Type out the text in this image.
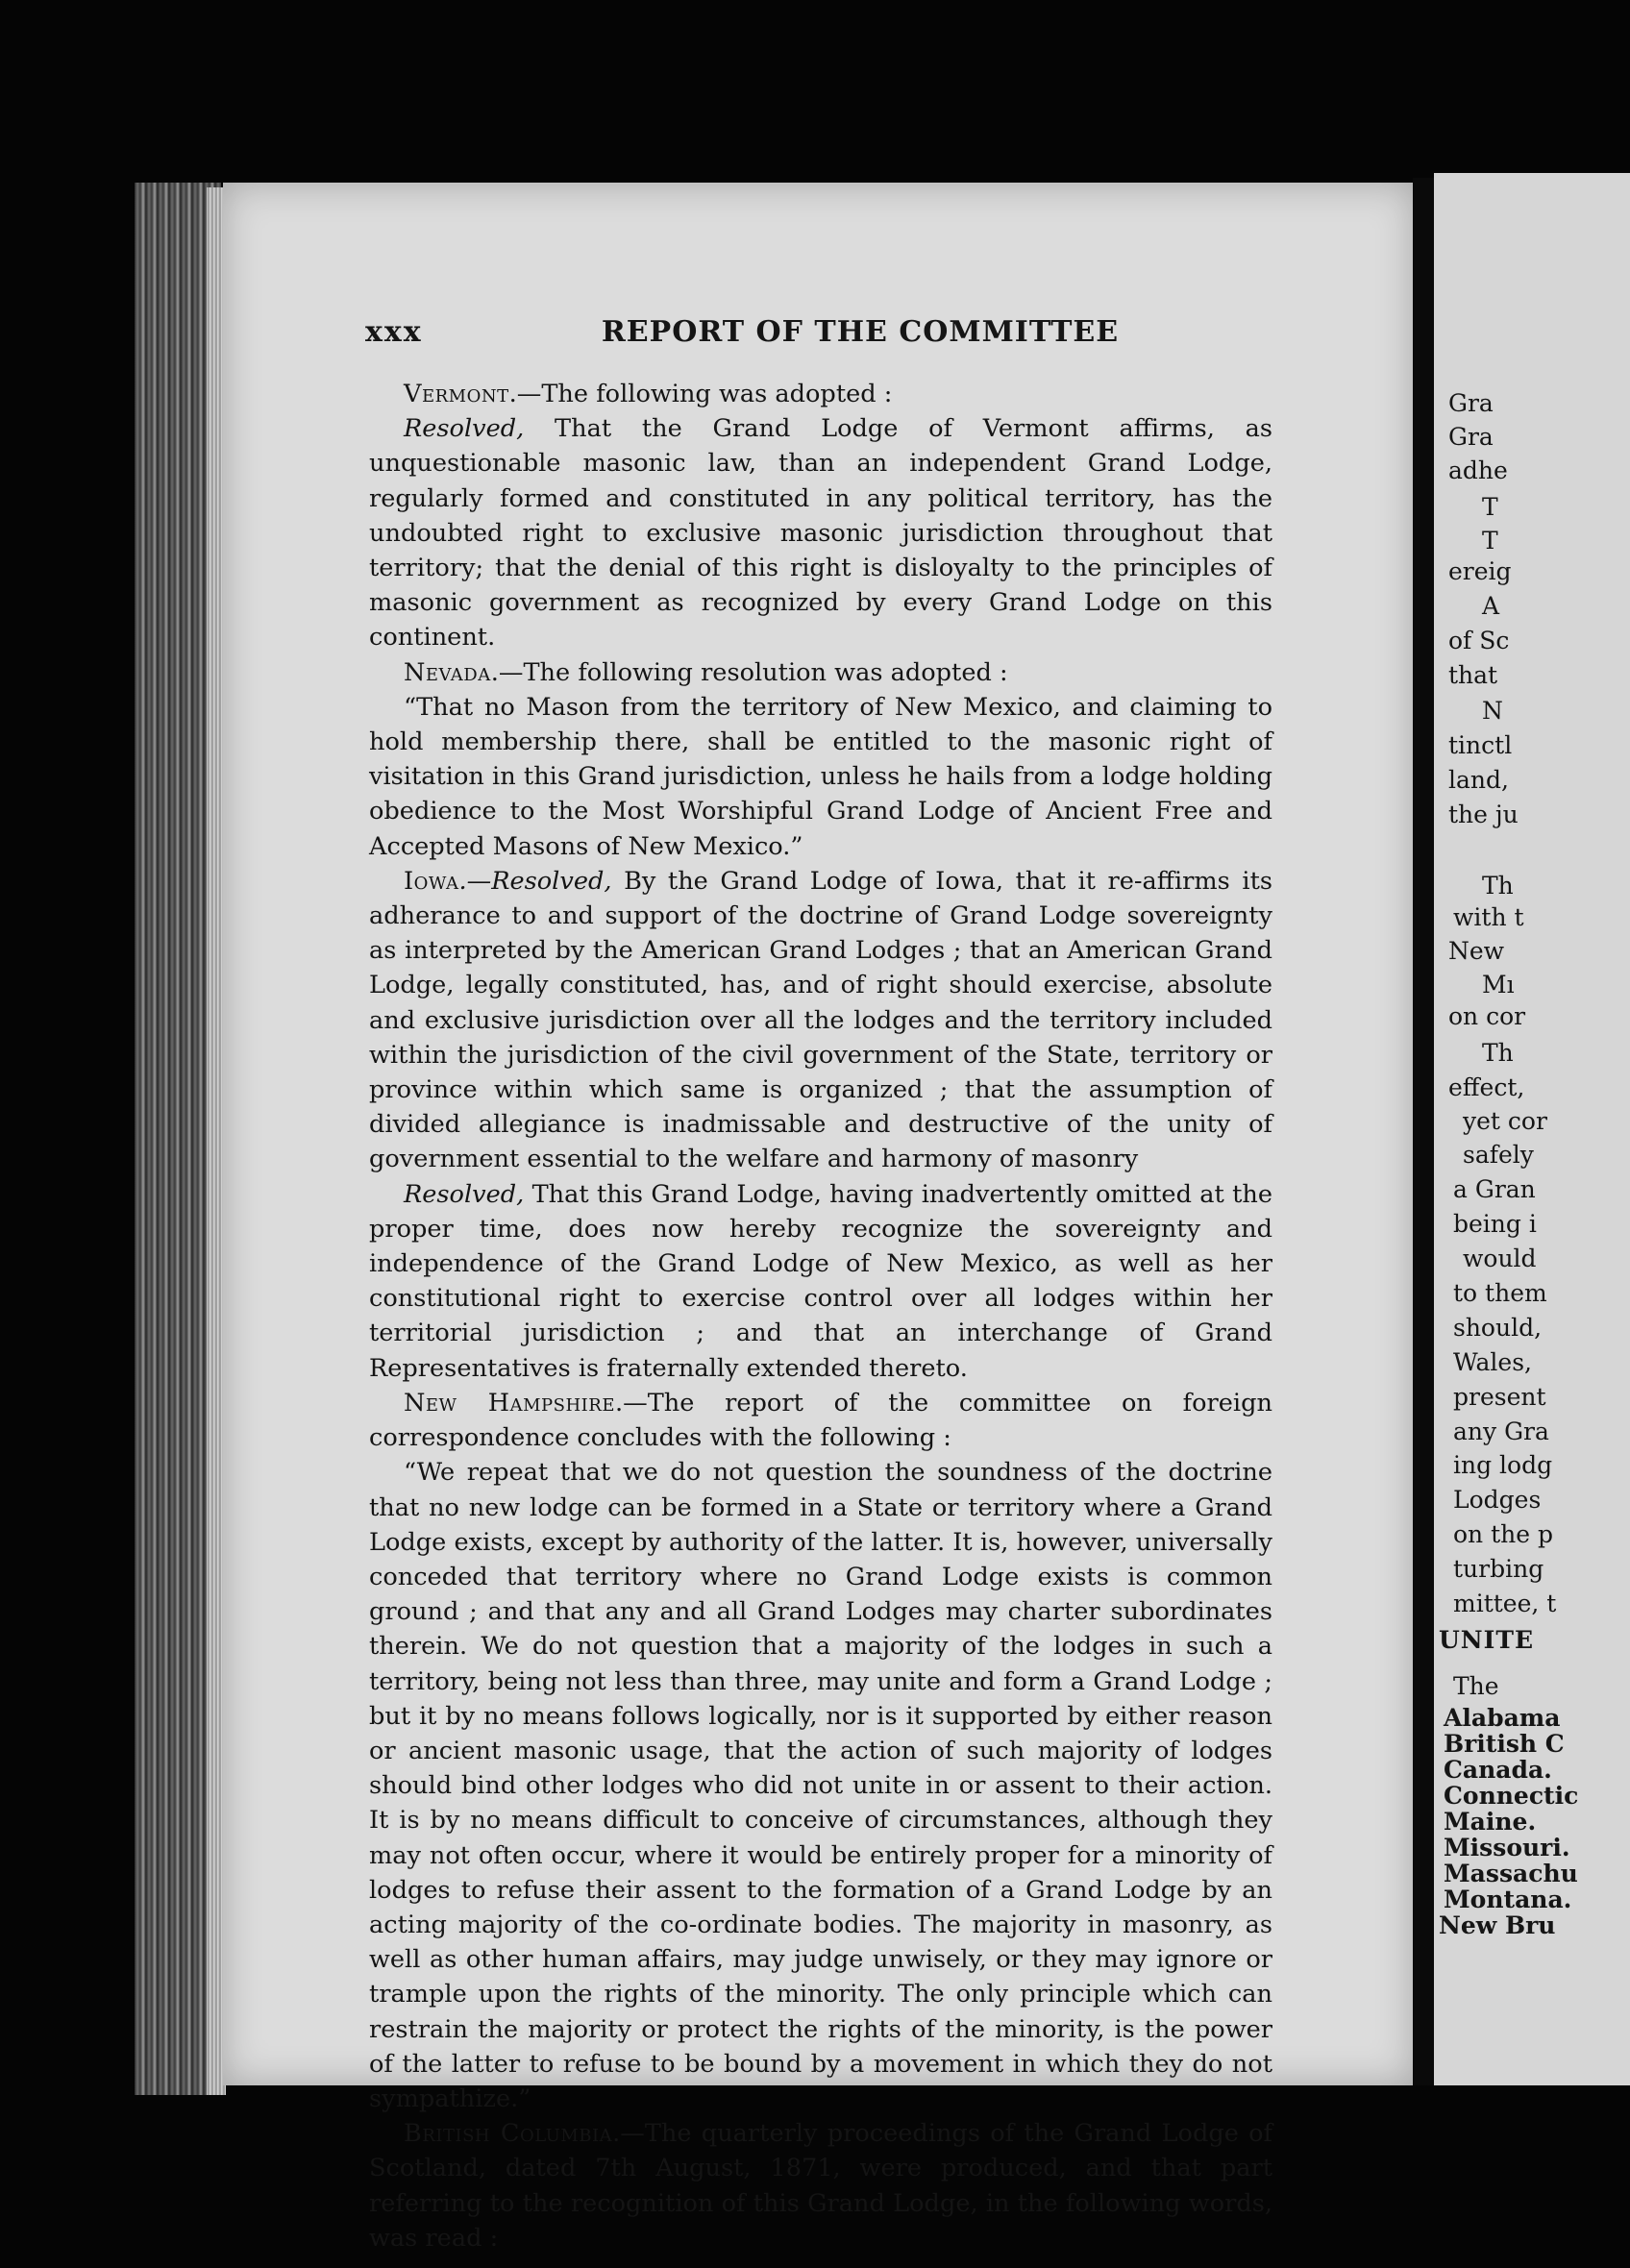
xxx	REPORT OF THE COMMITTEE

Vermont.—The following was adopted :

Resolved, That the Grand Lodge of Vermont affirms, as unquestionable masonic law, than an independent Grand Lodge, regularly formed and constituted in any political territory, has the undoubted right to exclusive masonic jurisdiction throughout that territory; that the denial of this right is disloyalty to the principles of masonic government as recognized by every Grand Lodge on this continent.

Nevada.—The following resolution was adopted :

“That no Mason from the territory of New Mexico, and claiming to hold membership there, shall be entitled to the masonic right of visitation in this Grand jurisdiction, unless he hails from a lodge holding obedience to the Most Worshipful Grand Lodge of Ancient Free and Accepted Masons of New Mexico.”

Iowa.—Resolved, By the Grand Lodge of Iowa, that it re-affirms its adherance to and support of the doctrine of Grand Lodge sovereignty as interpreted by the American Grand Lodges ; that an American Grand Lodge, legally constituted, has, and of right should exercise, absolute and exclusive jurisdiction over all the lodges and the territory included within the jurisdiction of the civil government of the State, territory or province within which same is organized ; that the assumption of divided allegiance is inadmissable and destructive of the unity of government essential to the welfare and harmony of masonry

Resolved, That this Grand Lodge, having inadvertently omitted at the proper time, does now hereby recognize the sovereignty and independence of the Grand Lodge of New Mexico, as well as her constitutional right to exercise control over all lodges within her territorial jurisdiction ; and that an interchange of Grand Representatives is fraternally extended thereto.

New Hampshire.—The report of the committee on foreign correspondence concludes with the following :

“We repeat that we do not question the soundness of the doctrine that no new lodge can be formed in a State or territory where a Grand Lodge exists, except by authority of the latter. It is, however, universally conceded that territory where no Grand Lodge exists is common ground ; and that any and all Grand Lodges may charter subordinates therein. We do not question that a majority of the lodges in such a territory, being not less than three, may unite and form a Grand Lodge ; but it by no means follows logically, nor is it supported by either reason or ancient masonic usage, that the action of such majority of lodges should bind other lodges who did not unite in or assent to their action. It is by no means difficult to conceive of circumstances, although they may not often occur, where it would be entirely proper for a minority of lodges to refuse their assent to the formation of a Grand Lodge by an acting majority of the co-ordinate bodies. The majority in masonry, as well as other human affairs, may judge unwisely, or they may ignore or trample upon the rights of the minority. The only principle which can restrain the majority or protect the rights of the minority, is the power of the latter to refuse to be bound by a movement in which they do not sympathize.”

British Columbia.—The quarterly proceedings of the Grand Lodge of Scotland, dated 7th August, 1871, were produced, and that part referring to the recognition of this Grand Lodge, in the following words, was read :

Gra
Gra
adhe
T
T
ereig
A
of Sc
that
N
tinctl
land,
the ju
Th
with t
New
Mı
on cor
Th
effect,
yet cor
safely
a Gran
being i
would
to them
should,
Wales,
present
any Gra
ing lodg
Lodges
on the p
turbing
mittee, t
UNITE
The
Alabama
British C
Canada.
Connectic
Maine.
Missouri.
Massachu
Montana.
New Bru
